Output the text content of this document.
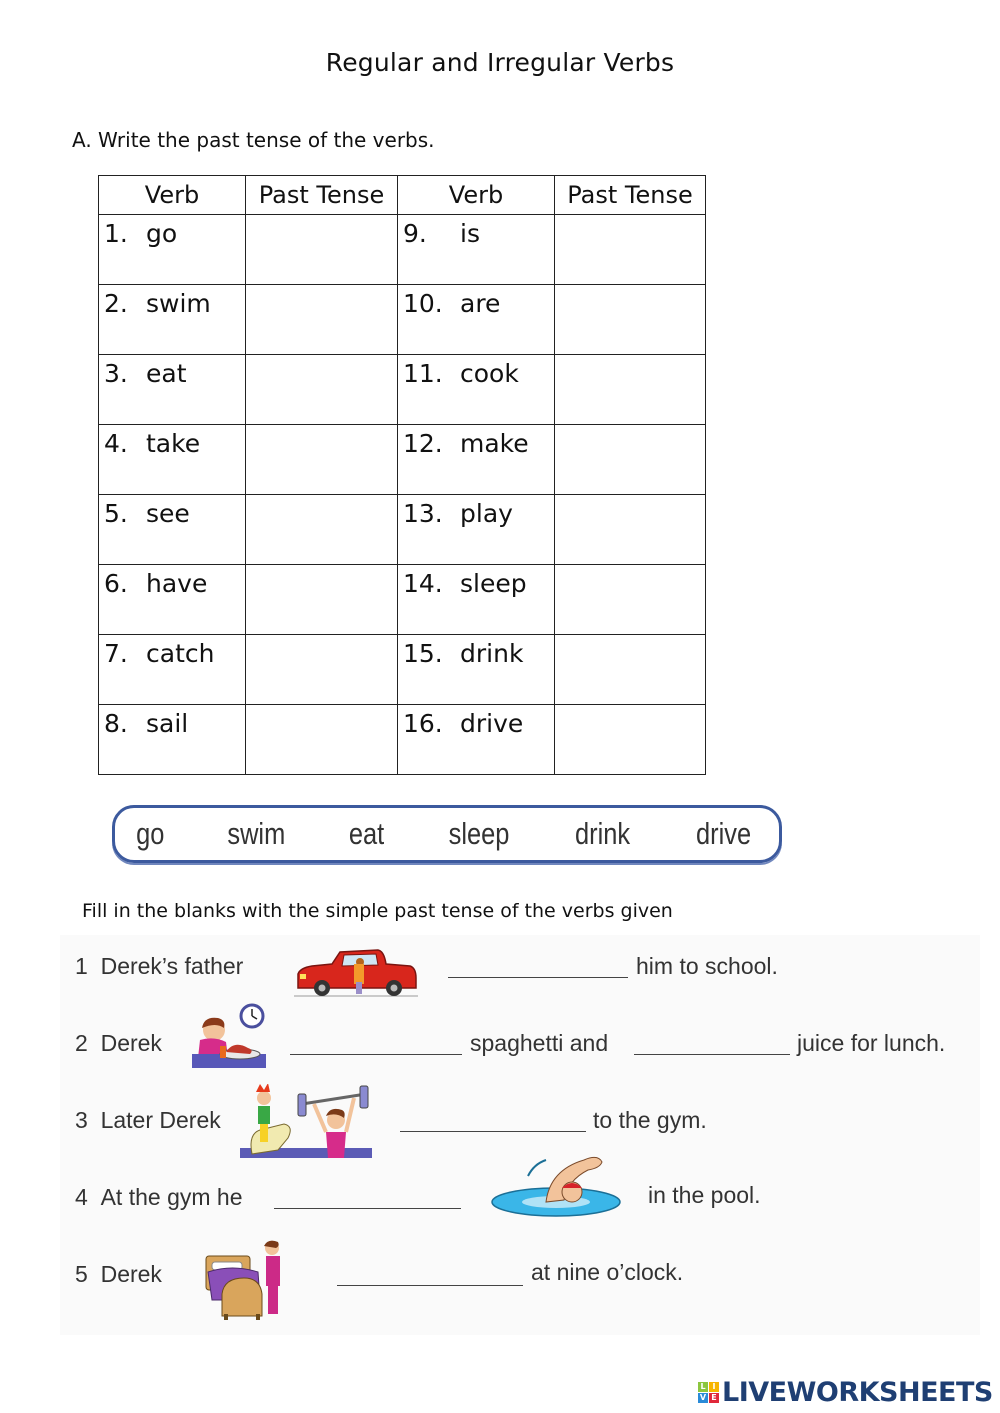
Regular and Irregular Verbs
A. Write the past tense of the verbs.
Verb	Past Tense	Verb	Past Tense
1. go		9. is	
2. swim		10. are	
3. eat		11. cook	
4. take		12. make	
5. see		13. play	
6. have		14. sleep	
7. catch		15. drink	
8. sail		16. drive	
go swim eat sleep drink drive
Fill in the blanks with the simple past tense of the verbs given
1 Derek’s father	him to school.
2 Derek	spaghetti and	juice for lunch.
3 Later Derek	to the gym.
4 At the gym he	in the pool.
5 Derek	at nine o’clock.
L I
V E LIVEWORKSHEETS
